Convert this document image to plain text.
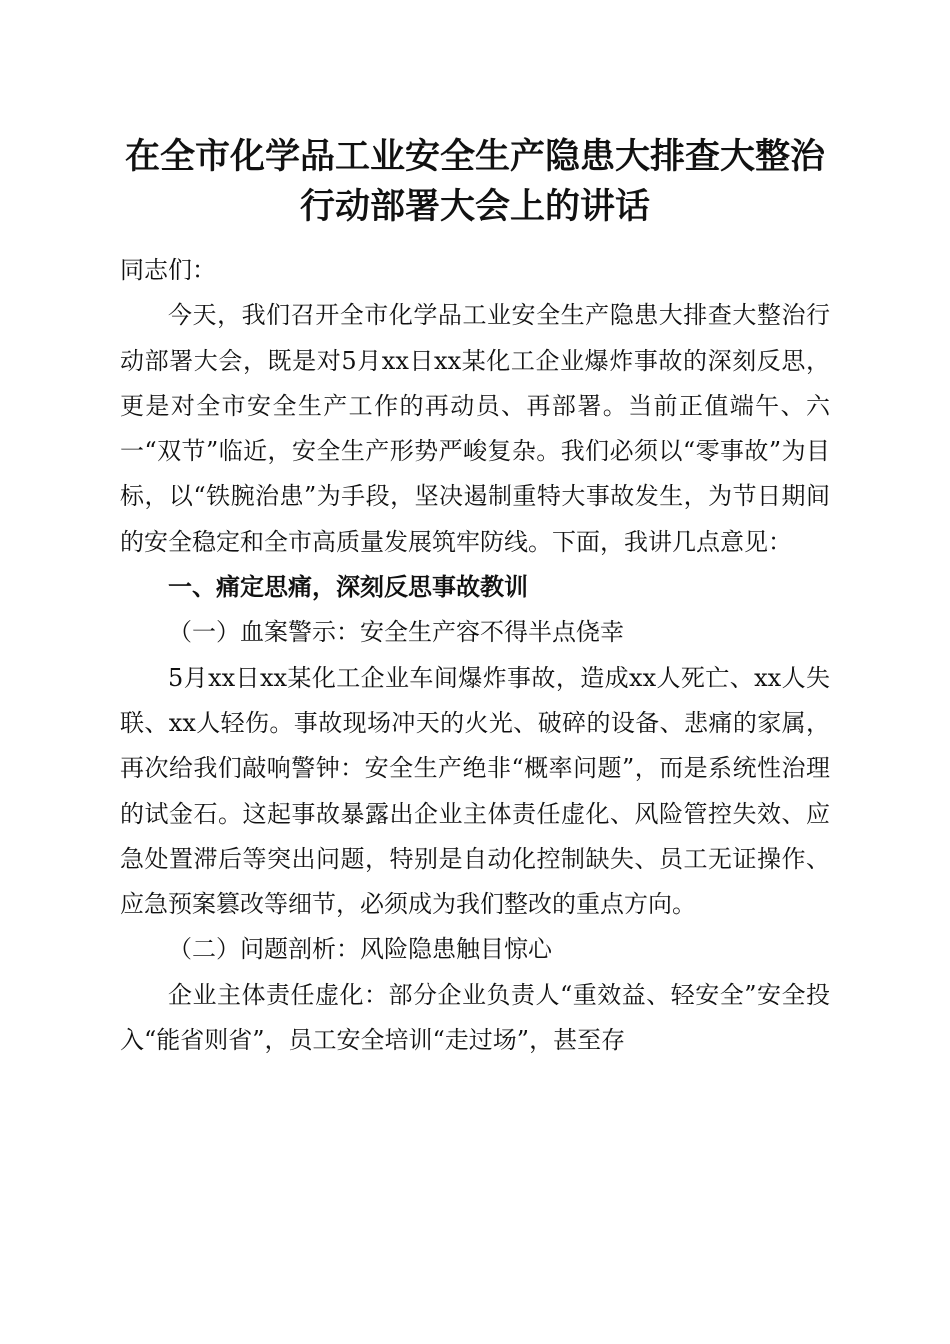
在全市化学品工业安全生产隐患大排查大整治
行动部署大会上的讲话

同志们：

今天，我们召开全市化学品工业安全生产隐患大排查大整治行动部署大会，既是对5月xx日xx某化工企业爆炸事故的深刻反思，更是对全市安全生产工作的再动员、再部署。当前正值端午、六一“双节”临近，安全生产形势严峻复杂。我们必须以“零事故”为目标，以“铁腕治患”为手段，坚决遏制重特大事故发生，为节日期间的安全稳定和全市高质量发展筑牢防线。下面，我讲几点意见：

一、痛定思痛，深刻反思事故教训

（一）血案警示：安全生产容不得半点侥幸

5月xx日xx某化工企业车间爆炸事故，造成xx人死亡、xx人失联、xx人轻伤。事故现场冲天的火光、破碎的设备、悲痛的家属，再次给我们敲响警钟：安全生产绝非“概率问题”，而是系统性治理的试金石。这起事故暴露出企业主体责任虚化、风险管控失效、应急处置滞后等突出问题，特别是自动化控制缺失、员工无证操作、应急预案篡改等细节，必须成为我们整改的重点方向。

（二）问题剖析：风险隐患触目惊心

企业主体责任虚化：部分企业负责人“重效益、轻安全”安全投入“能省则省”，员工安全培训“走过场”，甚至存
